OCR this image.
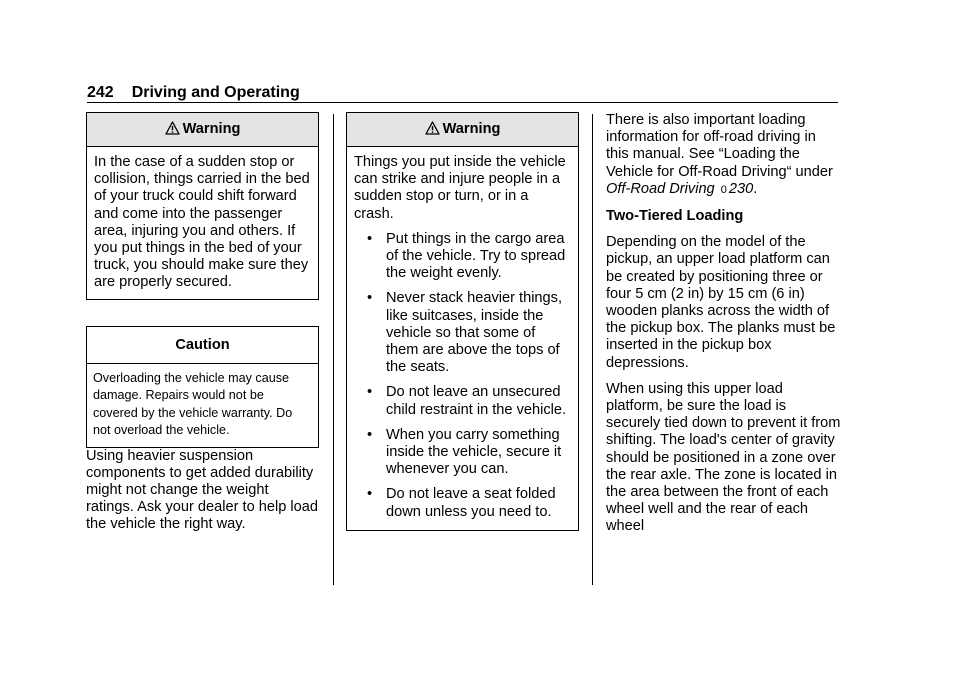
242 Driving and Operating
Warning

In the case of a sudden stop or collision, things carried in the bed of your truck could shift forward and come into the passenger area, injuring you and others. If you put things in the bed of your truck, you should make sure they are properly secured.

Caution

Overloading the vehicle may cause damage. Repairs would not be covered by the vehicle warranty. Do not overload the vehicle.

Using heavier suspension components to get added durability might not change the weight ratings. Ask your dealer to help load the vehicle the right way.

Warning

Things you put inside the vehicle can strike and injure people in a sudden stop or turn, or in a crash.

• Put things in the cargo area of the vehicle. Try to spread the weight evenly.
• Never stack heavier things, like suitcases, inside the vehicle so that some of them are above the tops of the seats.
• Do not leave an unsecured child restraint in the vehicle.
• When you carry something inside the vehicle, secure it whenever you can.
• Do not leave a seat folded down unless you need to.

There is also important loading information for off-road driving in this manual. See “Loading the Vehicle for Off-Road Driving“ under Off-Road Driving 0 230.

Two-Tiered Loading

Depending on the model of the pickup, an upper load platform can be created by positioning three or four 5 cm (2 in) by 15 cm (6 in) wooden planks across the width of the pickup box. The planks must be inserted in the pickup box depressions.

When using this upper load platform, be sure the load is securely tied down to prevent it from shifting. The load's center of gravity should be positioned in a zone over the rear axle. The zone is located in the area between the front of each wheel well and the rear of each wheel
